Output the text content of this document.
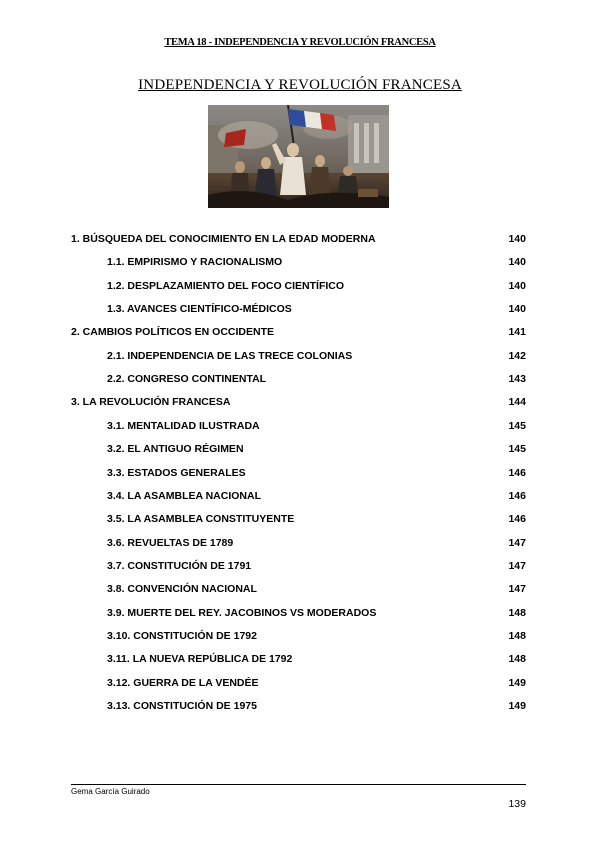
TEMA 18 - INDEPENDENCIA Y REVOLUCIÓN FRANCESA
INDEPENDENCIA Y REVOLUCIÓN FRANCESA
1. BÚSQUEDA DEL CONOCIMIENTO EN LA EDAD MODERNA	140
1.1. EMPIRISMO Y RACIONALISMO	140
1.2. DESPLAZAMIENTO DEL FOCO CIENTÍFICO	140
1.3. AVANCES CIENTÍFICO-MÉDICOS	140
2. CAMBIOS POLÍTICOS EN OCCIDENTE	141
2.1. INDEPENDENCIA DE LAS TRECE COLONIAS	142
2.2. CONGRESO CONTINENTAL	143
3. LA REVOLUCIÓN FRANCESA	144
3.1. MENTALIDAD ILUSTRADA	145
3.2. EL ANTIGUO RÉGIMEN	145
3.3. ESTADOS GENERALES	146
3.4. LA ASAMBLEA NACIONAL	146
3.5. LA ASAMBLEA CONSTITUYENTE	146
3.6. REVUELTAS DE 1789	147
3.7. CONSTITUCIÓN DE 1791	147
3.8. CONVENCIÓN NACIONAL	147
3.9. MUERTE DEL REY. JACOBINOS VS MODERADOS	148
3.10. CONSTITUCIÓN DE 1792	148
3.11. LA NUEVA REPÚBLICA DE 1792	148
3.12. GUERRA DE LA VENDÉE	149
3.13. CONSTITUCIÓN DE 1975	149
Gema García Guirado
139
